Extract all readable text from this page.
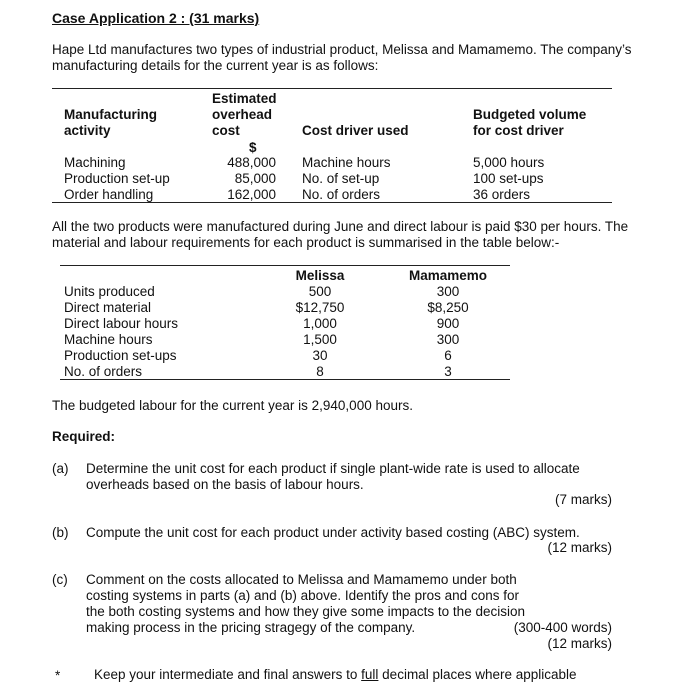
Case Application 2 : (31 marks)
Hape Ltd manufactures two types of industrial product, Melissa and Mamamemo. The company’s manufacturing details for the current year is as follows:
Manufacturing
activity
Estimated
overhead
cost
$
Cost driver used
Budgeted volume
for cost driver
Machining
Production set-up
Order handling
488,000
85,000
162,000
Machine hours
No. of set-up
No. of orders
5,000 hours
100 set-ups
36 orders
All the two products were manufactured during June and direct labour is paid $30 per hours. The material and labour requirements for each product is summarised in the table below:-
Melissa	Mamamemo
Units produced
Direct material
Direct labour hours
Machine hours
Production set-ups
No. of orders
500
$12,750
1,000
1,500
30
8
300
$8,250
900
300
6
3
The budgeted labour for the current year is 2,940,000 hours.
Required:
(a) Determine the unit cost for each product if single plant-wide rate is used to allocate overheads based on the basis of labour hours.
(7 marks)
(b) Compute the unit cost for each product under activity based costing (ABC) system.
(12 marks)
(c) Comment on the costs allocated to Melissa and Mamamemo under both costing systems in parts (a) and (b) above. Identify the pros and cons for the both costing systems and how they give some impacts to the decision making process in the pricing stragegy of the company.	(300-400 words)
(12 marks)
* Keep your intermediate and final answers to full decimal places where applicable
